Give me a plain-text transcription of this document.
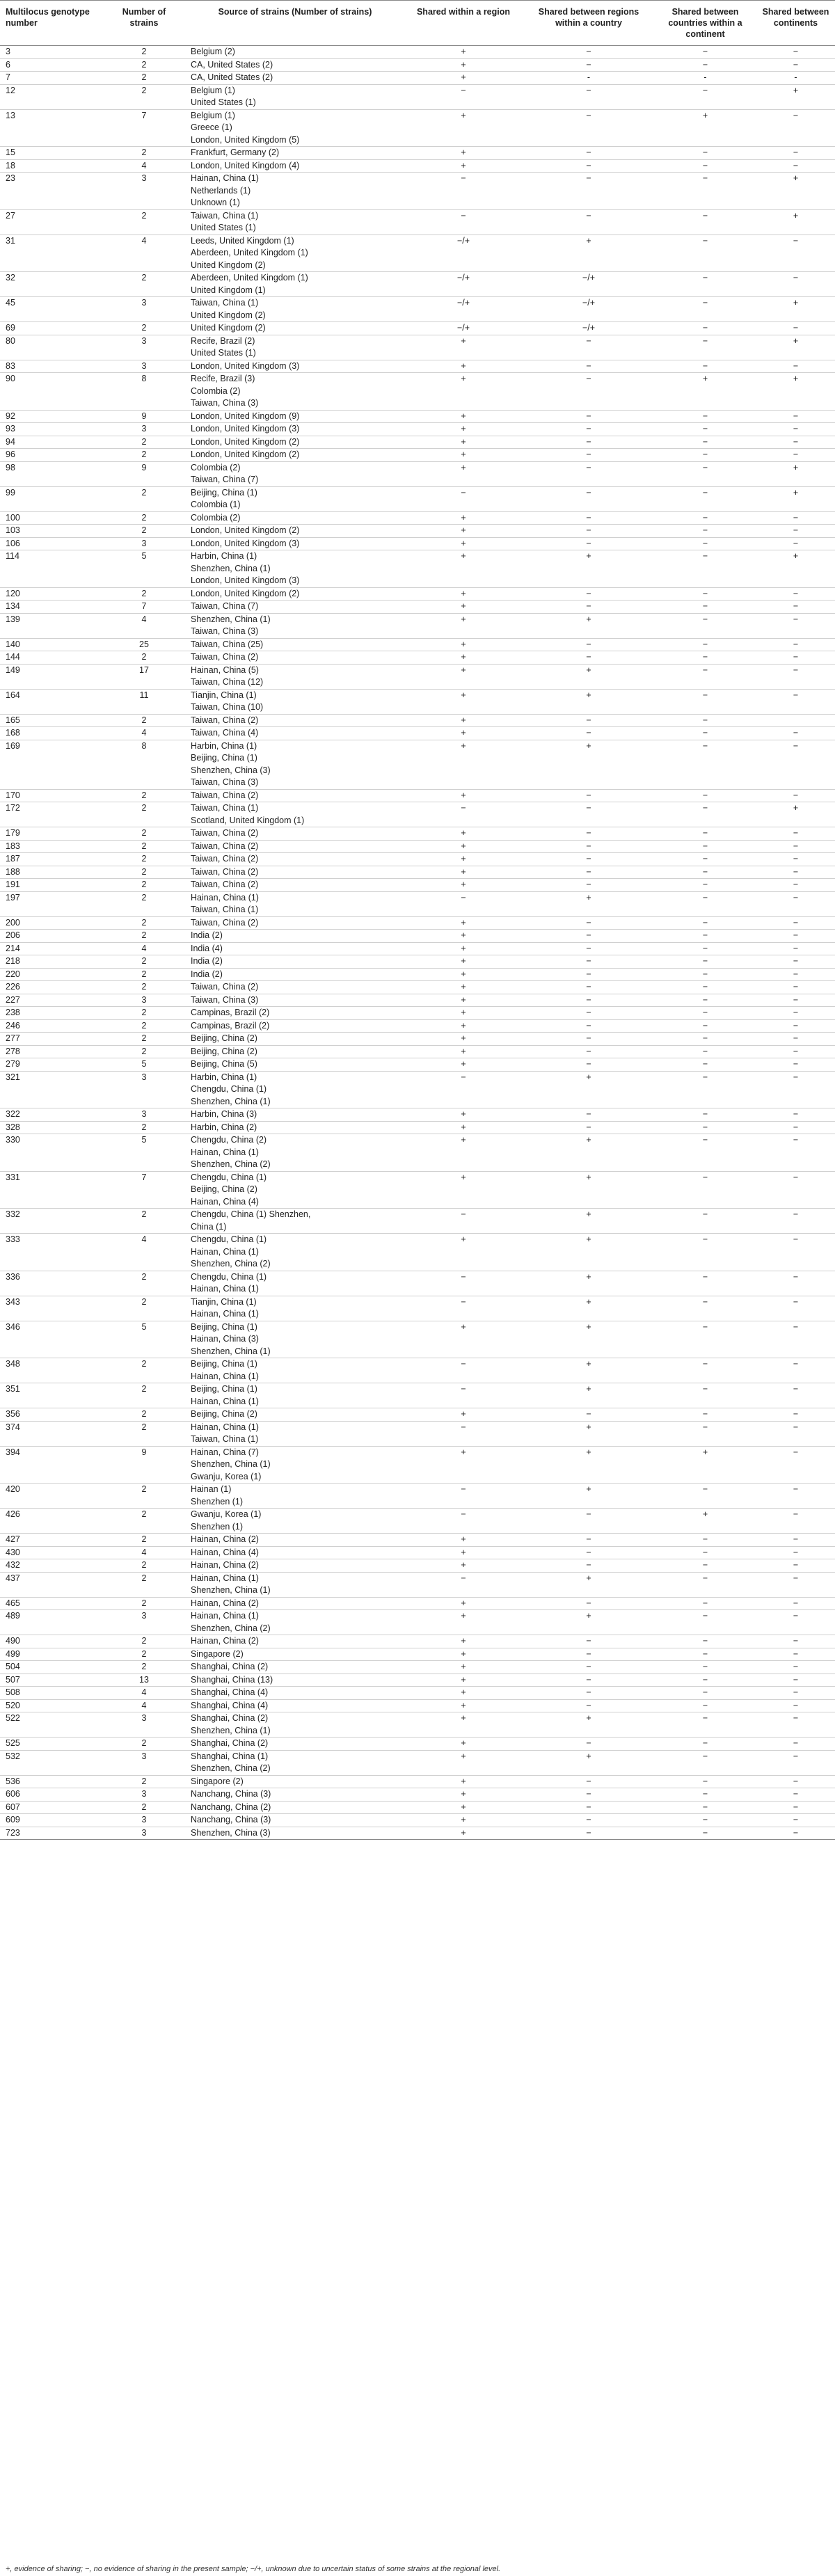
Multilocus genotype number	Number of strains	Source of strains (Number of strains)	Shared within a region	Shared between regions within a country	Shared between countries within a continent	Shared between continents
3	2	Belgium (2)	+	−	−	−
6	2	CA, United States (2)	+	−	−	−
7	2	CA, United States (2)	+	-	-	-
12	2	Belgium (1)
United States (1)	−	−	−	+
13	7	Belgium (1)
Greece (1)
London, United Kingdom (5)	+	−	+	−
15	2	Frankfurt, Germany (2)	+	−	−	−
18	4	London, United Kingdom (4)	+	−	−	−
23	3	Hainan, China (1)
Netherlands (1)
Unknown (1)	−	−	−	+
27	2	Taiwan, China (1)
United States (1)	−	−	−	+
31	4	Leeds, United Kingdom (1)
Aberdeen, United Kingdom (1)
United Kingdom (2)	−/+	+	−	−
32	2	Aberdeen, United Kingdom (1)
United Kingdom (1)	−/+	−/+	−	−
45	3	Taiwan, China (1)
United Kingdom (2)	−/+	−/+	−	+
69	2	United Kingdom (2)	−/+	−/+	−	−
80	3	Recife, Brazil (2)
United States (1)	+	−	−	+
83	3	London, United Kingdom (3)	+	−	−	−
90	8	Recife, Brazil (3)
Colombia (2)
Taiwan, China (3)	+	−	+	+
92	9	London, United Kingdom (9)	+	−	−	−
93	3	London, United Kingdom (3)	+	−	−	−
94	2	London, United Kingdom (2)	+	−	−	−
96	2	London, United Kingdom (2)	+	−	−	−
98	9	Colombia (2)
Taiwan, China (7)	+	−	−	+
99	2	Beijing, China (1)
Colombia (1)	−	−	−	+
100	2	Colombia (2)	+	−	−	−
103	2	London, United Kingdom (2)	+	−	−	−
106	3	London, United Kingdom (3)	+	−	−	−
114	5	Harbin, China (1)
Shenzhen, China (1)
London, United Kingdom (3)	+	+	−	+
120	2	London, United Kingdom (2)	+	−	−	−
134	7	Taiwan, China (7)	+	−	−	−
139	4	Shenzhen, China (1)
Taiwan, China (3)	+	+	−	−
140	25	Taiwan, China (25)	+	−	−	−
144	2	Taiwan, China (2)	+	−	−	−
149	17	Hainan, China (5)
Taiwan, China (12)	+	+	−	−
164	11	Tianjin, China (1)
Taiwan, China (10)	+	+	−	−
165	2	Taiwan, China (2)	+	−	−	
168	4	Taiwan, China (4)	+	−	−	−
169	8	Harbin, China (1)
Beijing, China (1)
Shenzhen, China (3)
Taiwan, China (3)	+	+	−	−
170	2	Taiwan, China (2)	+	−	−	−
172	2	Taiwan, China (1)
Scotland, United Kingdom (1)	−	−	−	+
179	2	Taiwan, China (2)	+	−	−	−
183	2	Taiwan, China (2)	+	−	−	−
187	2	Taiwan, China (2)	+	−	−	−
188	2	Taiwan, China (2)	+	−	−	−
191	2	Taiwan, China (2)	+	−	−	−
197	2	Hainan, China (1)
Taiwan, China (1)	−	+	−	−
200	2	Taiwan, China (2)	+	−	−	−
206	2	India (2)	+	−	−	−
214	4	India (4)	+	−	−	−
218	2	India (2)	+	−	−	−
220	2	India (2)	+	−	−	−
226	2	Taiwan, China (2)	+	−	−	−
227	3	Taiwan, China (3)	+	−	−	−
238	2	Campinas, Brazil (2)	+	−	−	−
246	2	Campinas, Brazil (2)	+	−	−	−
277	2	Beijing, China (2)	+	−	−	−
278	2	Beijing, China (2)	+	−	−	−
279	5	Beijing, China (5)	+	−	−	−
321	3	Harbin, China (1)
Chengdu, China (1)
Shenzhen, China (1)	−	+	−	−
322	3	Harbin, China (3)	+	−	−	−
328	2	Harbin, China (2)	+	−	−	−
330	5	Chengdu, China (2)
Hainan, China (1)
Shenzhen, China (2)	+	+	−	−
331	7	Chengdu, China (1)
Beijing, China (2)
Hainan, China (4)	+	+	−	−
332	2	Chengdu, China (1) Shenzhen,
China (1)	−	+	−	−
333	4	Chengdu, China (1)
Hainan, China (1)
Shenzhen, China (2)	+	+	−	−
336	2	Chengdu, China (1)
Hainan, China (1)	−	+	−	−
343	2	Tianjin, China (1)
Hainan, China (1)	−	+	−	−
346	5	Beijing, China (1)
Hainan, China (3)
Shenzhen, China (1)	+	+	−	−
348	2	Beijing, China (1)
Hainan, China (1)	−	+	−	−
351	2	Beijing, China (1)
Hainan, China (1)	−	+	−	−
356	2	Beijing, China (2)	+	−	−	−
374	2	Hainan, China (1)
Taiwan, China (1)	−	+	−	−
394	9	Hainan, China (7)
Shenzhen, China (1)
Gwanju, Korea (1)	+	+	+	−
420	2	Hainan (1)
Shenzhen (1)	−	+	−	−
426	2	Gwanju, Korea (1)
Shenzhen (1)	−	−	+	−
427	2	Hainan, China (2)	+	−	−	−
430	4	Hainan, China (4)	+	−	−	−
432	2	Hainan, China (2)	+	−	−	−
437	2	Hainan, China (1)
Shenzhen, China (1)	−	+	−	−
465	2	Hainan, China (2)	+	−	−	−
489	3	Hainan, China (1)
Shenzhen, China (2)	+	+	−	−
490	2	Hainan, China (2)	+	−	−	−
499	2	Singapore (2)	+	−	−	−
504	2	Shanghai, China (2)	+	−	−	−
507	13	Shanghai, China (13)	+	−	−	−
508	4	Shanghai, China (4)	+	−	−	−
520	4	Shanghai, China (4)	+	−	−	−
522	3	Shanghai, China (2)
Shenzhen, China (1)	+	+	−	−
525	2	Shanghai, China (2)	+	−	−	−
532	3	Shanghai, China (1)
Shenzhen, China (2)	+	+	−	−
536	2	Singapore (2)	+	−	−	−
606	3	Nanchang, China (3)	+	−	−	−
607	2	Nanchang, China (2)	+	−	−	−
609	3	Nanchang, China (3)	+	−	−	−
723	3	Shenzhen, China (3)	+	−	−	−
+, evidence of sharing; −, no evidence of sharing in the present sample; −/+, unknown due to uncertain status of some strains at the regional level.
